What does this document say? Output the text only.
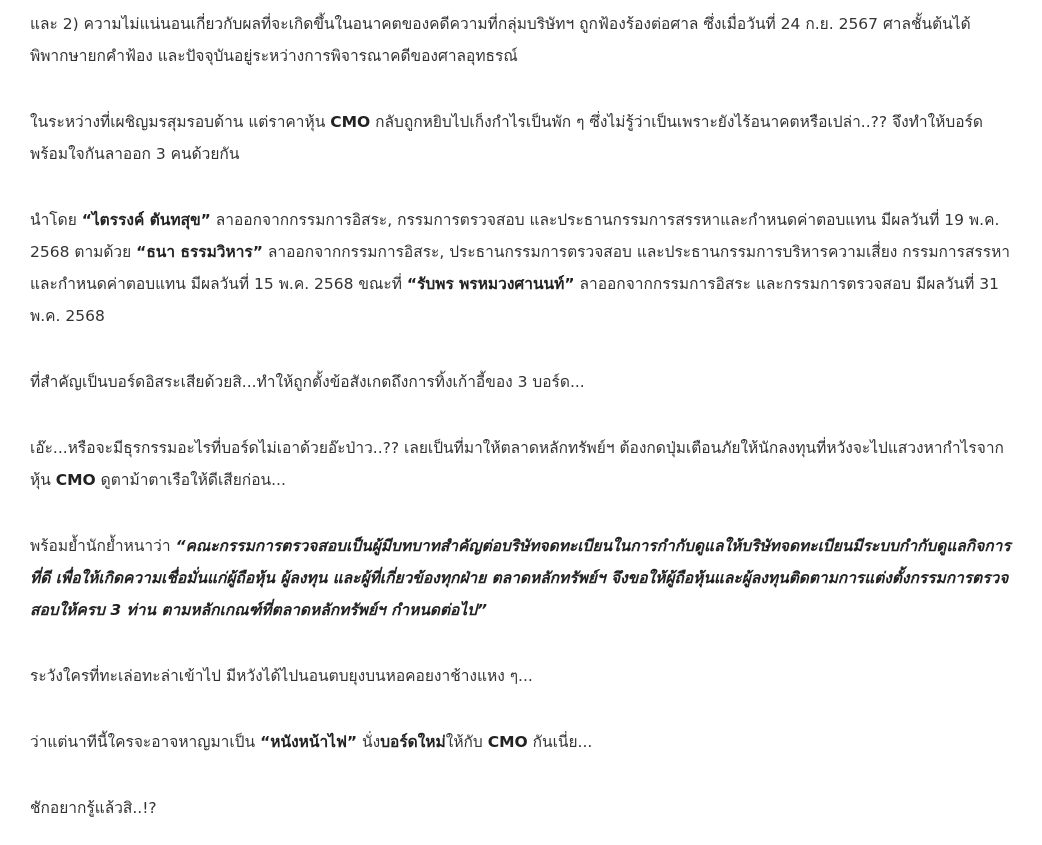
และ 2) ความไม่แน่นอนเกี่ยวกับผลที่จะเกิดขึ้นในอนาคตของคดีความที่กลุ่มบริษัทฯ ถูกฟ้องร้องต่อศาล ซึ่งเมื่อวันที่ 24 ก.ย. 2567 ศาลชั้นต้นได้พิพากษายกคำฟ้อง และปัจจุบันอยู่ระหว่างการพิจารณาคดีของศาลอุทธรณ์

ในระหว่างที่เผชิญมรสุมรอบด้าน แต่ราคาหุ้น CMO กลับถูกหยิบไปเก็งกำไรเป็นพัก ๆ ซึ่งไม่รู้ว่าเป็นเพราะยังไร้อนาคตหรือเปล่า..?? จึงทำให้บอร์ดพร้อมใจกันลาออก 3 คนด้วยกัน

นำโดย “ไตรรงค์ ตันทสุข” ลาออกจากกรรมการอิสระ, กรรมการตรวจสอบ และประธานกรรมการสรรหาและกำหนดค่าตอบแทน มีผลวันที่ 19 พ.ค. 2568 ตามด้วย “ธนา ธรรมวิหาร” ลาออกจากกรรมการอิสระ, ประธานกรรมการตรวจสอบ และประธานกรรมการบริหารความเสี่ยง กรรมการสรรหาและกำหนดค่าตอบแทน มีผลวันที่ 15 พ.ค. 2568 ขณะที่ “รับพร พรหมวงศานนท์” ลาออกจากกรรมการอิสระ และกรรมการตรวจสอบ มีผลวันที่ 31 พ.ค. 2568

ที่สำคัญเป็นบอร์ดอิสระเสียด้วยสิ...ทำให้ถูกตั้งข้อสังเกตถึงการทิ้งเก้าอี้ของ 3 บอร์ด...

เอ๊ะ...หรือจะมีธุรกรรมอะไรที่บอร์ดไม่เอาด้วยอ๊ะป่าว..?? เลยเป็นที่มาให้ตลาดหลักทรัพย์ฯ ต้องกดปุ่มเตือนภัยให้นักลงทุนที่หวังจะไปแสวงหากำไรจากหุ้น CMO ดูตาม้าตาเรือให้ดีเสียก่อน...

พร้อมย้ำนักย้ำหนาว่า “คณะกรรมการตรวจสอบเป็นผู้มีบทบาทสำคัญต่อบริษัทจดทะเบียนในการกำกับดูแลให้บริษัทจดทะเบียนมีระบบกำกับดูแลกิจการที่ดี เพื่อให้เกิดความเชื่อมั่นแก่ผู้ถือหุ้น ผู้ลงทุน และผู้ที่เกี่ยวข้องทุกฝ่าย ตลาดหลักทรัพย์ฯ จึงขอให้ผู้ถือหุ้นและผู้ลงทุนติดตามการแต่งตั้งกรรมการตรวจสอบให้ครบ 3 ท่าน ตามหลักเกณฑ์ที่ตลาดหลักทรัพย์ฯ กำหนดต่อไป”

ระวังใครที่ทะเล่อทะล่าเข้าไป มีหวังได้ไปนอนตบยุงบนหอคอยงาช้างแหง ๆ...

ว่าแต่นาทีนี้ใครจะอาจหาญมาเป็น “หนังหน้าไฟ” นั่งบอร์ดใหม่ให้กับ CMO กันเนี่ย...

ชักอยากรู้แล้วสิ..!?
